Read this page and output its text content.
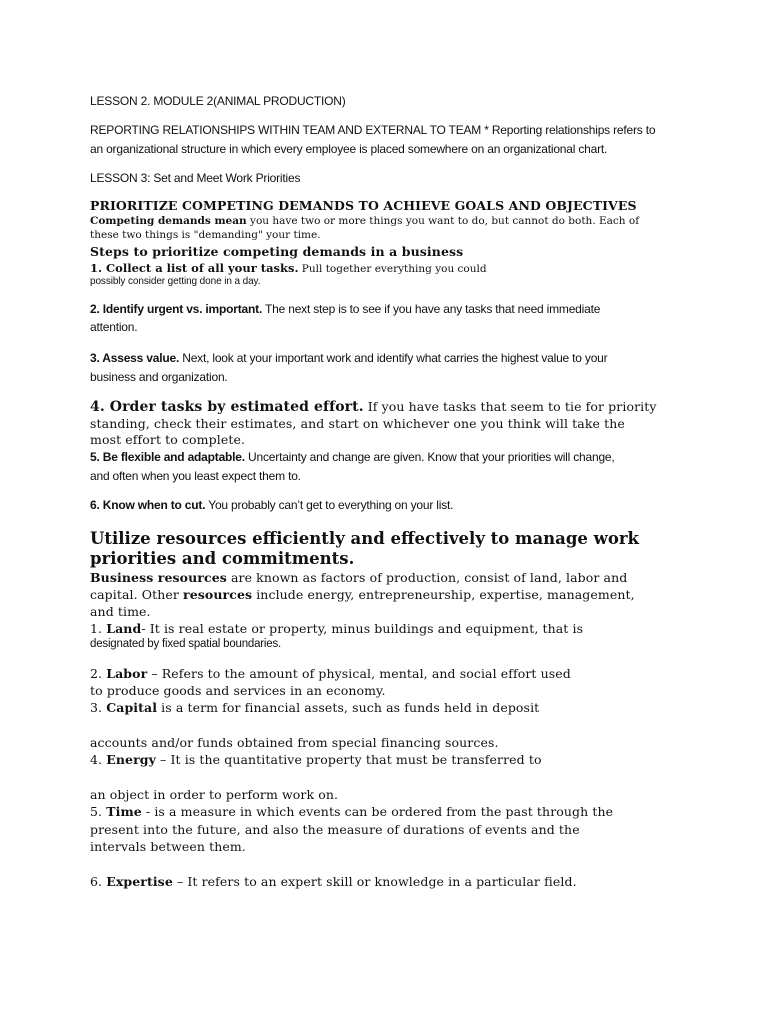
LESSON 2. MODULE 2(ANIMAL PRODUCTION)
REPORTING RELATIONSHIPS WITHIN TEAM AND EXTERNAL TO TEAM * Reporting relationships refers to
an organizational structure in which every employee is placed somewhere on an organizational chart.
LESSON 3: Set and Meet Work Priorities
PRIORITIZE COMPETING DEMANDS TO ACHIEVE GOALS AND OBJECTIVES
Competing demands mean you have two or more things you want to do, but cannot do both. Each of
these two things is "demanding" your time.
Steps to prioritize competing demands in a business
1. Collect a list of all your tasks. Pull together everything you could
possibly consider getting done in a day.
2. Identify urgent vs. important. The next step is to see if you have any tasks that need immediate
attention.
3. Assess value. Next, look at your important work and identify what carries the highest value to your
business and organization.
4. Order tasks by estimated effort. If you have tasks that seem to tie for priority
standing, check their estimates, and start on whichever one you think will take the
most effort to complete.
5. Be flexible and adaptable. Uncertainty and change are given. Know that your priorities will change,
and often when you least expect them to.
6. Know when to cut. You probably can’t get to everything on your list.
Utilize resources efficiently and effectively to manage work
priorities and commitments.
Business resources are known as factors of production, consist of land, labor and
capital. Other resources include energy, entrepreneurship, expertise, management,
and time.
1. Land- It is real estate or property, minus buildings and equipment, that is
designated by fixed spatial boundaries.
2. Labor – Refers to the amount of physical, mental, and social effort used
to produce goods and services in an economy.
3. Capital is a term for financial assets, such as funds held in deposit
accounts and/or funds obtained from special financing sources.
4. Energy – It is the quantitative property that must be transferred to
an object in order to perform work on.
5. Time - is a measure in which events can be ordered from the past through the
present into the future, and also the measure of durations of events and the
intervals between them.
6. Expertise – It refers to an expert skill or knowledge in a particular field.
